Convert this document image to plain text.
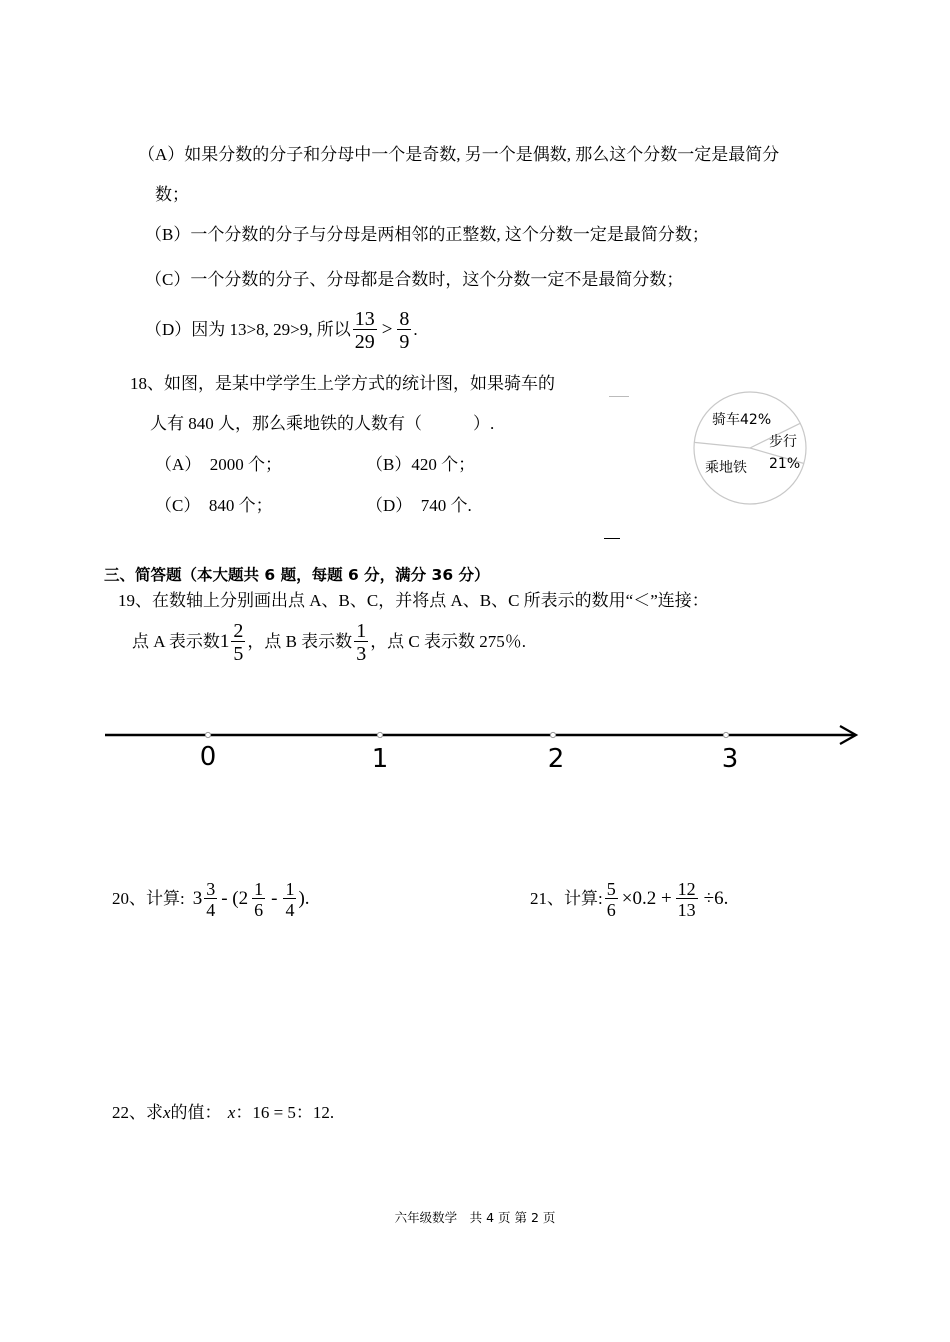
（A）如果分数的分子和分母中一个是奇数, 另一个是偶数, 那么这个分数一定是最简分
数；
（B）一个分数的分子与分母是两相邻的正整数, 这个分数一定是最简分数；
（C）一个分数的分子、分母都是合数时，这个分数一定不是最简分数；
（D）因为 13>8, 29>9, 所以 $\frac{13}{29} > \frac{8}{9}$ .
18、如图，是某中学学生上学方式的统计图，如果骑车的
人有 840 人，那么乘地铁的人数有（　　　）.
（A）　2000 个；	（B）420 个；
（C）　840 个；	（D）　740 个.
骑车42%
步行
21%
乘地铁
三、简答题（本大题共 6 题，每题 6 分，满分 36 分）
19、在数轴上分别画出点 A、B、C，并将点 A、B、C 所表示的数用“＜”连接：
点 A 表示数 $1 \frac{2}{5}$ ，点 B 表示数 $\frac{1}{3}$ ，点 C 表示数 275％.
0	1	2	3
20、计算: $3 \frac{3}{4} - (2 \frac{1}{6} - \frac{1}{4}$ ).	21、计算: $\frac{5}{6} \times 0.2 + \frac{12}{13} \div 6$.
22、求x的值： x：16 = 5：12.
六年级数学　共 4 页 第 2 页
